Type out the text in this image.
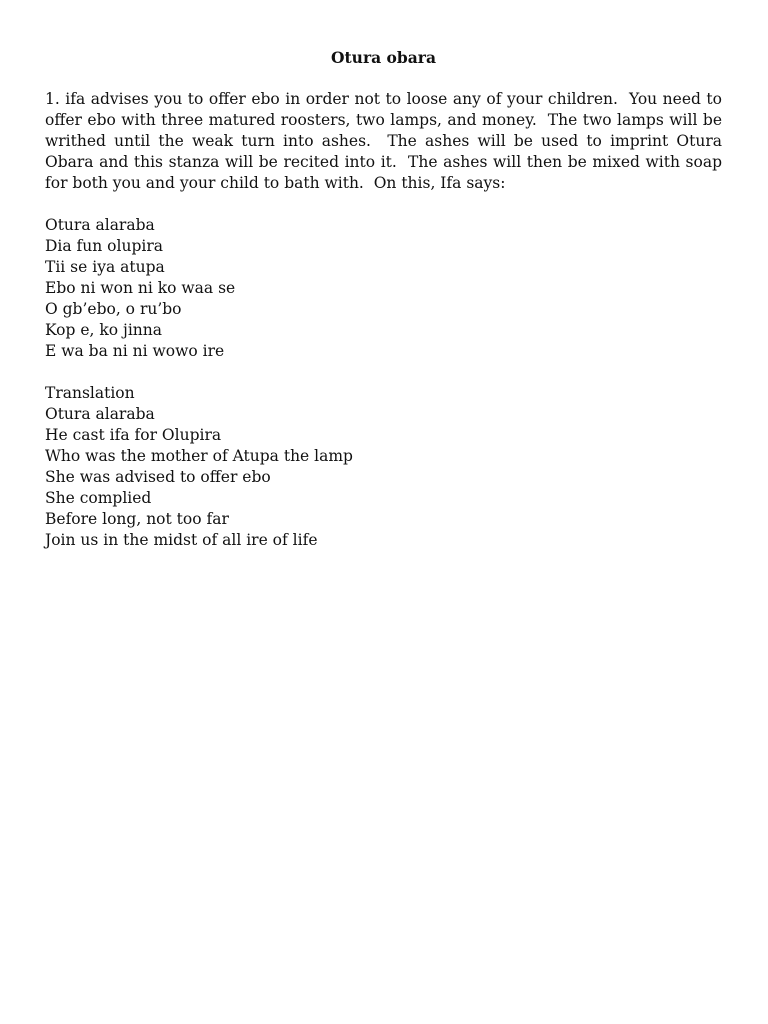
Otura obara

1. ifa advises you to offer ebo in order not to loose any of your children.  You need to offer ebo with three matured roosters, two lamps, and money.  The two lamps will be writhed until the weak turn into ashes.  The ashes will be used to imprint Otura Obara and this stanza will be recited into it.  The ashes will then be mixed with soap for both you and your child to bath with.  On this, Ifa says:

Otura alaraba
Dia fun olupira
Tii se iya atupa
Ebo ni won ni ko waa se
O gb’ebo, o ru’bo
Kop e, ko jinna
E wa ba ni ni wowo ire
Translation
Otura alaraba
He cast ifa for Olupira
Who was the mother of Atupa the lamp
She was advised to offer ebo
She complied
Before long, not too far
Join us in the midst of all ire of life
